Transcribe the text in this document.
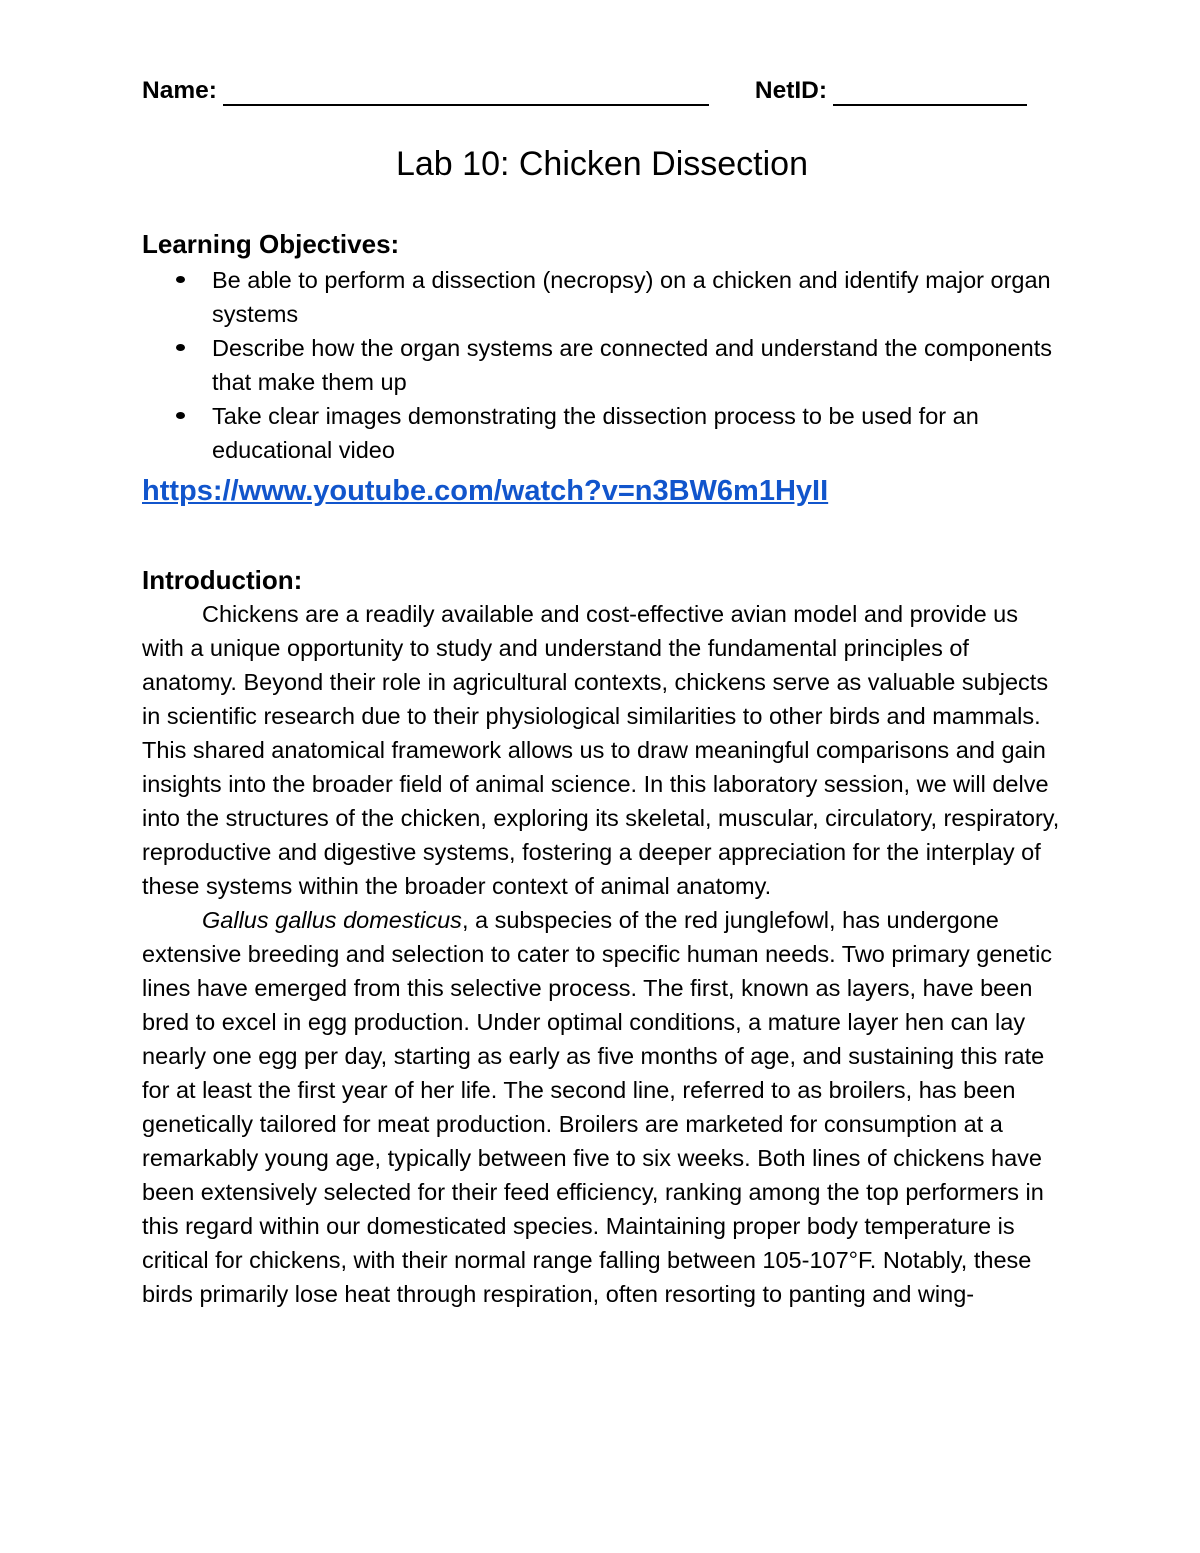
Name:	NetID:
Lab 10: Chicken Dissection
Learning Objectives:
Be able to perform a dissection (necropsy) on a chicken and identify major organ systems
Describe how the organ systems are connected and understand the components that make them up
Take clear images demonstrating the dissection process to be used for an educational video
https://www.youtube.com/watch?v=n3BW6m1HyII
Introduction:

Chickens are a readily available and cost-effective avian model and provide us with a unique opportunity to study and understand the fundamental principles of anatomy. Beyond their role in agricultural contexts, chickens serve as valuable subjects in scientific research due to their physiological similarities to other birds and mammals. This shared anatomical framework allows us to draw meaningful comparisons and gain insights into the broader field of animal science. In this laboratory session, we will delve into the structures of the chicken, exploring its skeletal, muscular, circulatory, respiratory, reproductive and digestive systems, fostering a deeper appreciation for the interplay of these systems within the broader context of animal anatomy.

Gallus gallus domesticus, a subspecies of the red junglefowl, has undergone extensive breeding and selection to cater to specific human needs. Two primary genetic lines have emerged from this selective process. The first, known as layers, have been bred to excel in egg production. Under optimal conditions, a mature layer hen can lay nearly one egg per day, starting as early as five months of age, and sustaining this rate for at least the first year of her life. The second line, referred to as broilers, has been genetically tailored for meat production. Broilers are marketed for consumption at a remarkably young age, typically between five to six weeks. Both lines of chickens have been extensively selected for their feed efficiency, ranking among the top performers in this regard within our domesticated species. Maintaining proper body temperature is critical for chickens, with their normal range falling between 105-107°F. Notably, these birds primarily lose heat through respiration, often resorting to panting and wing-
